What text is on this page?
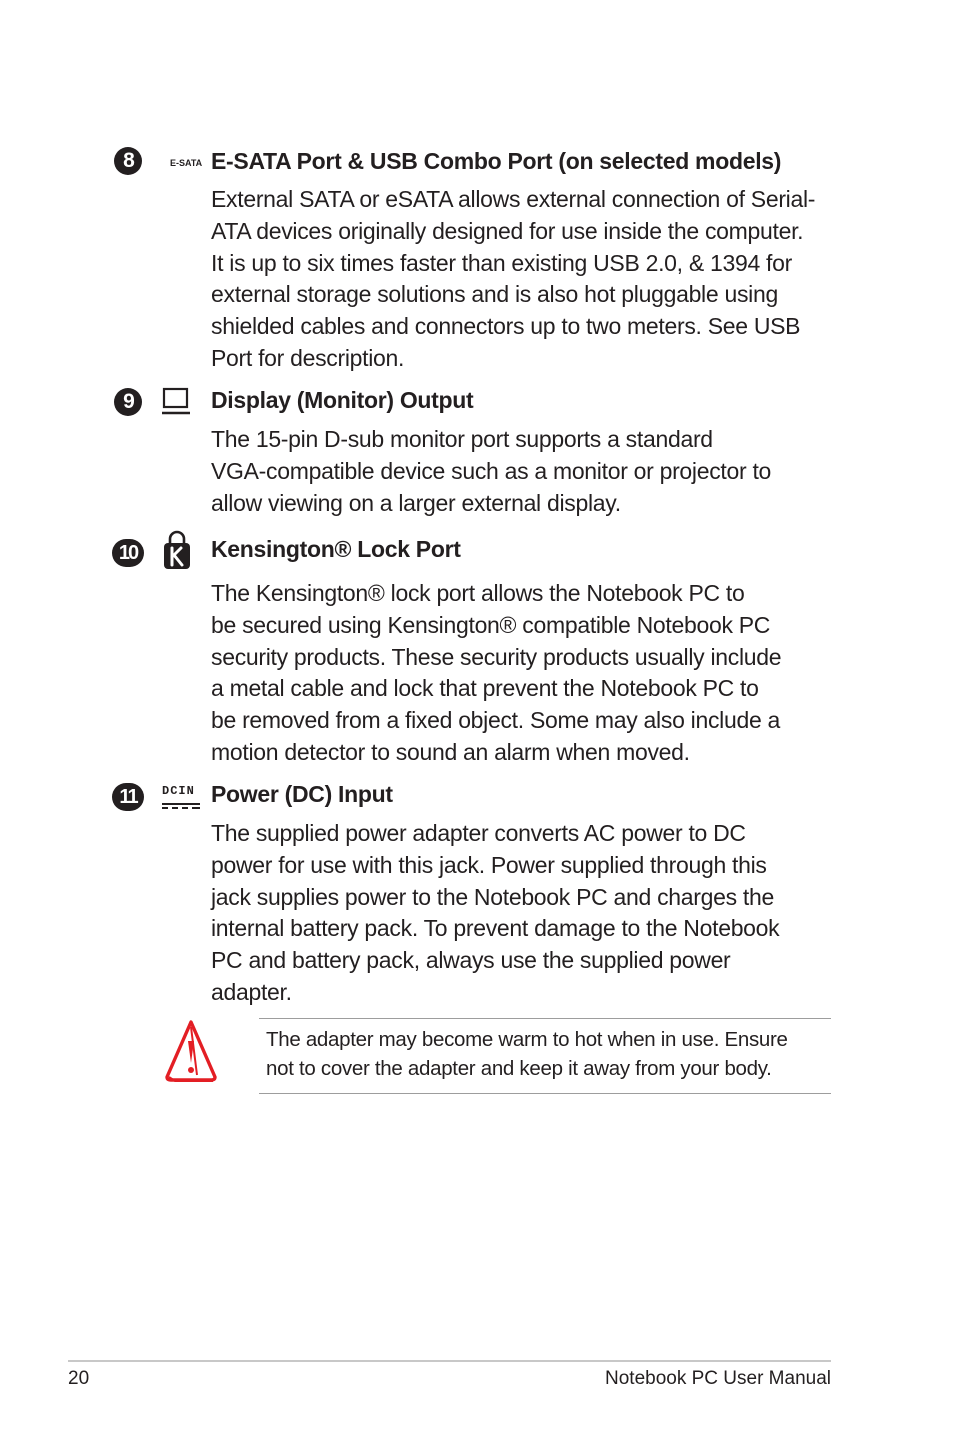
8	E-SATA E-SATA Port & USB Combo Port (on selected models)
External SATA or eSATA allows external connection of Serial-
ATA devices originally designed for use inside the computer.
It is up to six times faster than existing USB 2.0, & 1394 for
external storage solutions and is also hot pluggable using
shielded cables and connectors up to two meters. See USB
Port for description.
9	Display (Monitor) Output
The 15-pin D-sub monitor port supports a standard
VGA-compatible device such as a monitor or projector to
allow viewing on a larger external display.
10	Kensington® Lock Port
The Kensington® lock port allows the Notebook PC to
be secured using Kensington® compatible Notebook PC
security products. These security products usually include
a metal cable and lock that prevent the Notebook PC to
be removed from a fixed object. Some may also include a
motion detector to sound an alarm when moved.
11	DCIN Power (DC) Input
The supplied power adapter converts AC power to DC
power for use with this jack. Power supplied through this
jack supplies power to the Notebook PC and charges the
internal battery pack. To prevent damage to the Notebook
PC and battery pack, always use the supplied power
adapter.
The adapter may become warm to hot when in use. Ensure
not to cover the adapter and keep it away from your body.
20	Notebook PC User Manual
